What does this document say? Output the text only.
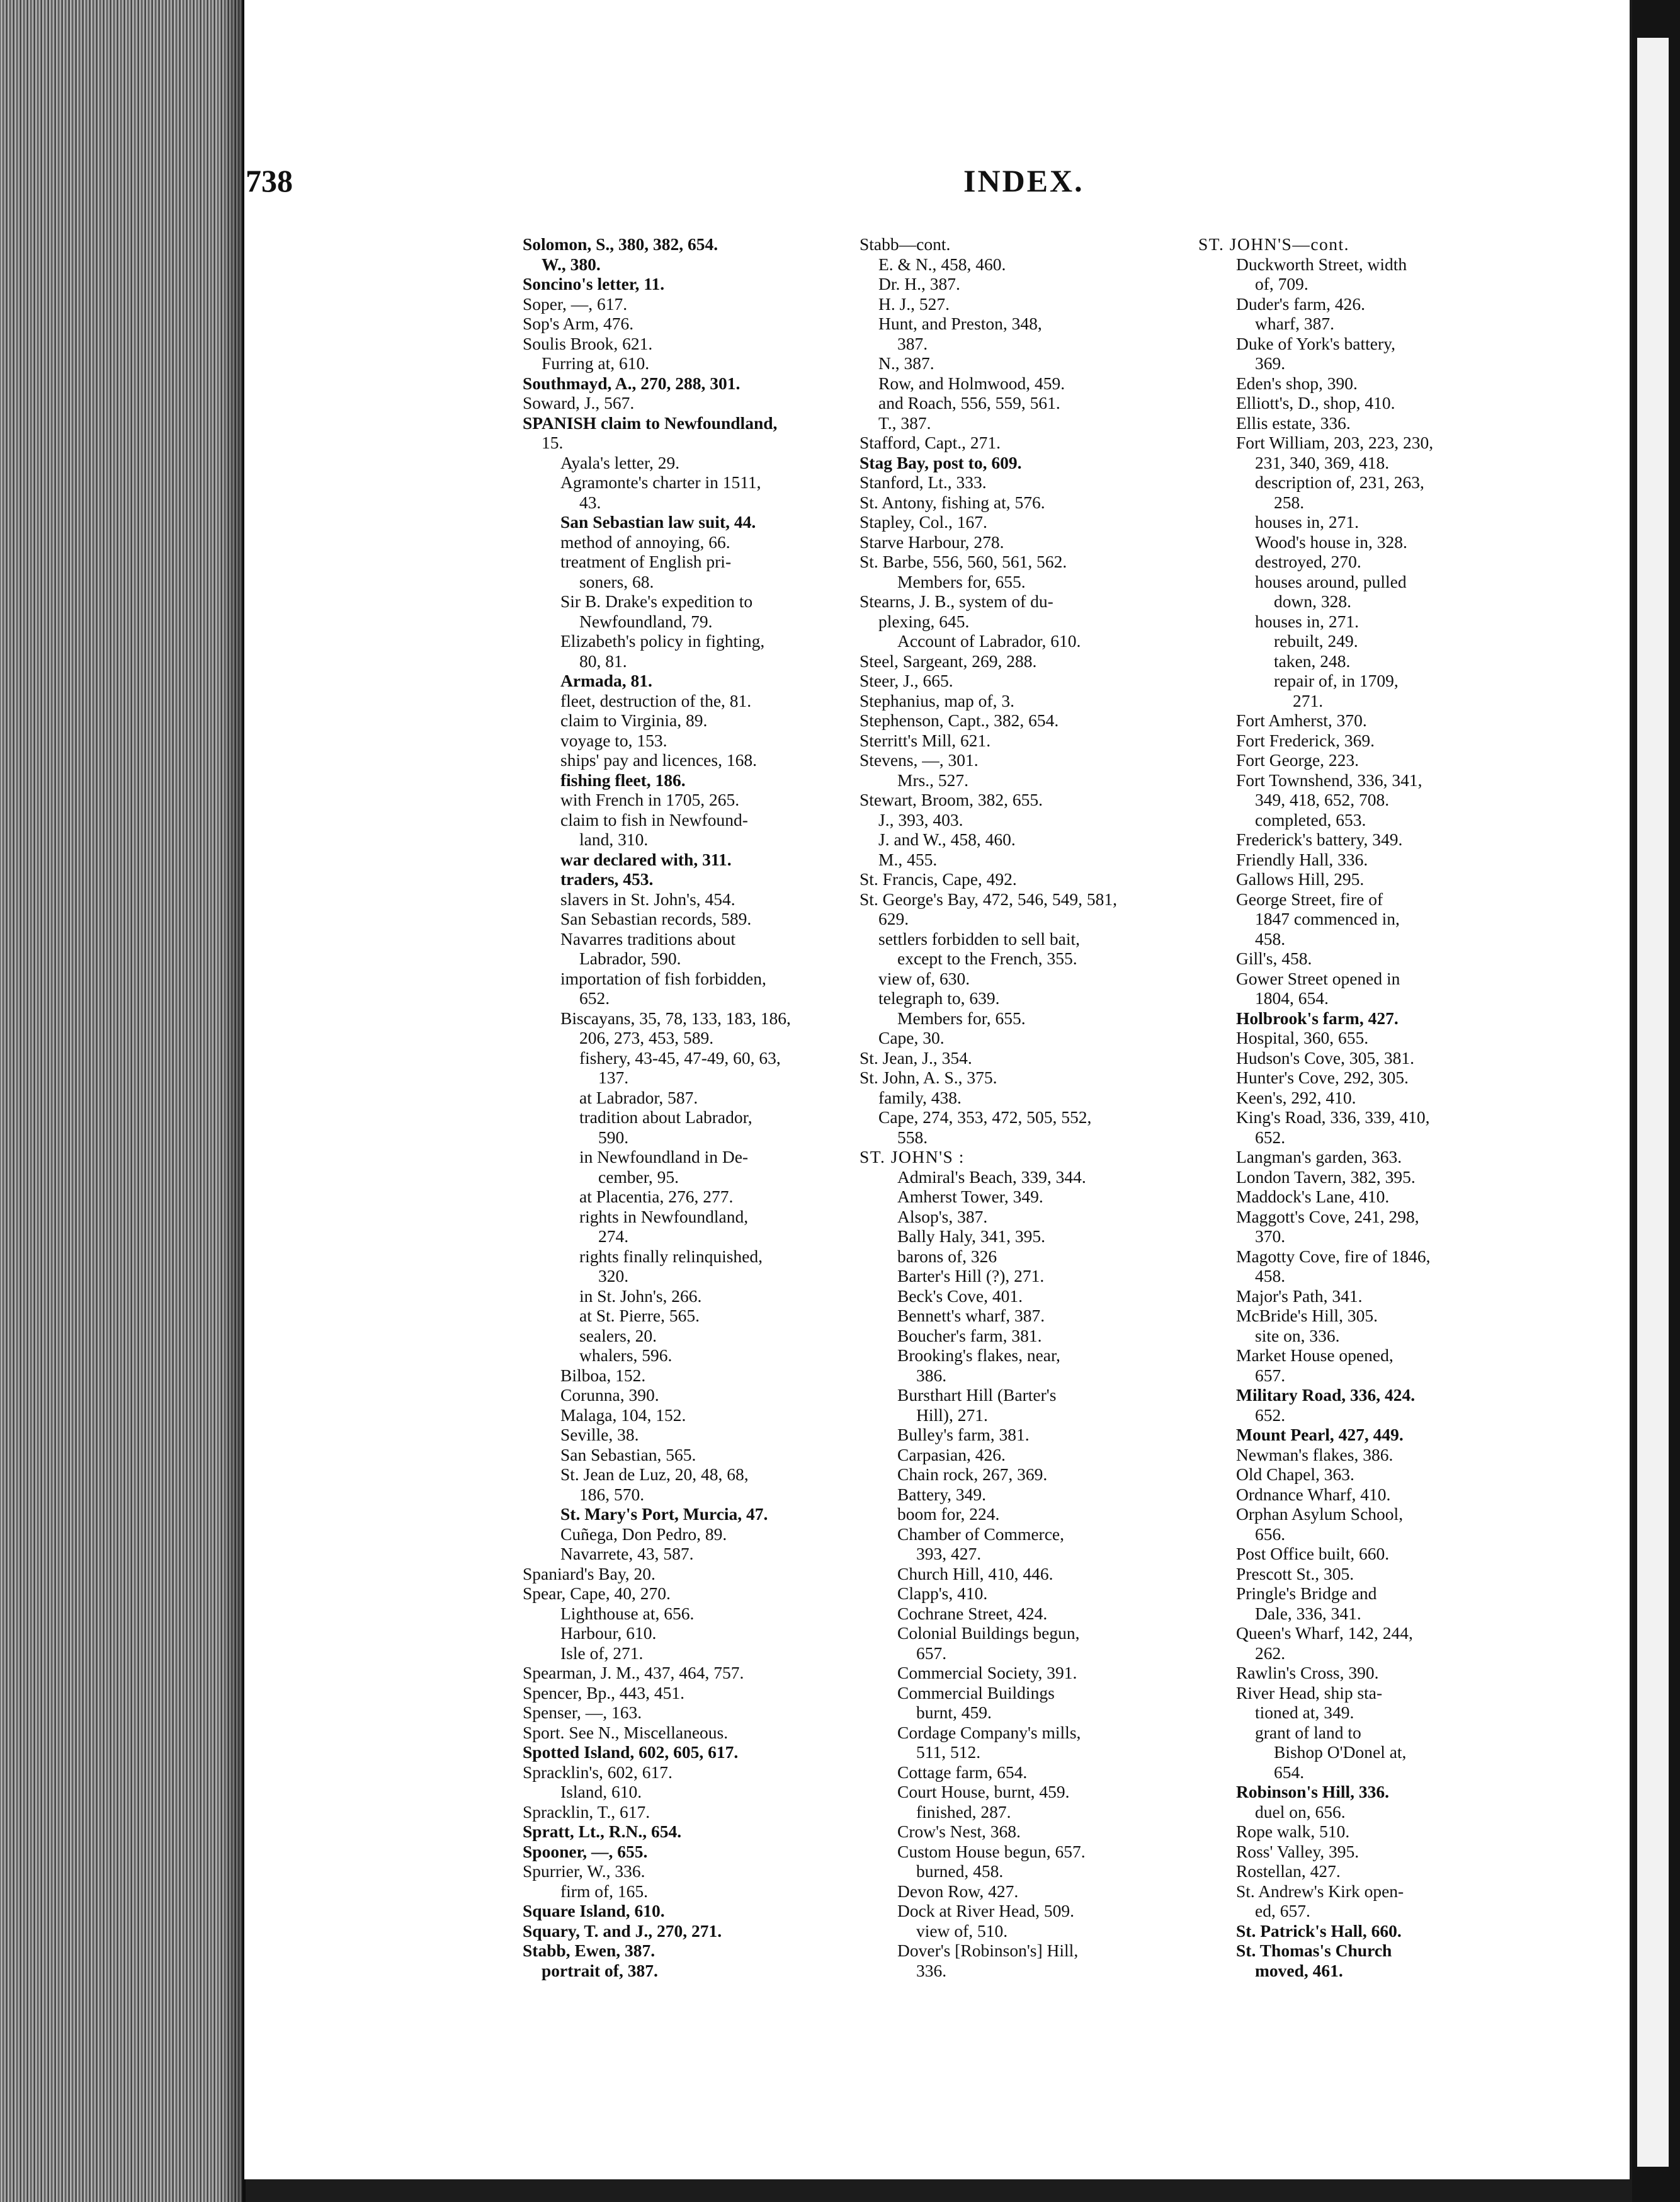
738	INDEX.
Solomon, S., 380, 382, 654.
W., 380.
Soncino's letter, 11.
Soper, —, 617.
Sop's Arm, 476.
Soulis Brook, 621.
Furring at, 610.
Southmayd, A., 270, 288, 301.
Soward, J., 567.
SPANISH claim to Newfoundland,
15.
Ayala's letter, 29.
Agramonte's charter in 1511,
43.
San Sebastian law suit, 44.
method of annoying, 66.
treatment of English pri-
soners, 68.
Sir B. Drake's expedition to
Newfoundland, 79.
Elizabeth's policy in fighting,
80, 81.
Armada, 81.
fleet, destruction of the, 81.
claim to Virginia, 89.
voyage to, 153.
ships' pay and licences, 168.
fishing fleet, 186.
with French in 1705, 265.
claim to fish in Newfound-
land, 310.
war declared with, 311.
traders, 453.
slavers in St. John's, 454.
San Sebastian records, 589.
Navarres traditions about
Labrador, 590.
importation of fish forbidden,
652.
Biscayans, 35, 78, 133, 183, 186,
206, 273, 453, 589.
fishery, 43-45, 47-49, 60, 63,
137.
at Labrador, 587.
tradition about Labrador,
590.
in Newfoundland in De-
cember, 95.
at Placentia, 276, 277.
rights in Newfoundland,
274.
rights finally relinquished,
320.
in St. John's, 266.
at St. Pierre, 565.
sealers, 20.
whalers, 596.
Bilboa, 152.
Corunna, 390.
Malaga, 104, 152.
Seville, 38.
San Sebastian, 565.
St. Jean de Luz, 20, 48, 68,
186, 570.
St. Mary's Port, Murcia, 47.
Cuñega, Don Pedro, 89.
Navarrete, 43, 587.
Spaniard's Bay, 20.
Spear, Cape, 40, 270.
Lighthouse at, 656.
Harbour, 610.
Isle of, 271.
Spearman, J. M., 437, 464, 757.
Spencer, Bp., 443, 451.
Spenser, —, 163.
Sport. See N., Miscellaneous.
Spotted Island, 602, 605, 617.
Spracklin's, 602, 617.
Island, 610.
Spracklin, T., 617.
Spratt, Lt., R.N., 654.
Spooner, —, 655.
Spurrier, W., 336.
firm of, 165.
Square Island, 610.
Squary, T. and J., 270, 271.
Stabb, Ewen, 387.
portrait of, 387.
Stabb—cont.
E. & N., 458, 460.
Dr. H., 387.
H. J., 527.
Hunt, and Preston, 348,
387.
N., 387.
Row, and Holmwood, 459.
and Roach, 556, 559, 561.
T., 387.
Stafford, Capt., 271.
Stag Bay, post to, 609.
Stanford, Lt., 333.
St. Antony, fishing at, 576.
Stapley, Col., 167.
Starve Harbour, 278.
St. Barbe, 556, 560, 561, 562.
Members for, 655.
Stearns, J. B., system of du-
plexing, 645.
Account of Labrador, 610.
Steel, Sargeant, 269, 288.
Steer, J., 665.
Stephanius, map of, 3.
Stephenson, Capt., 382, 654.
Sterritt's Mill, 621.
Stevens, —, 301.
Mrs., 527.
Stewart, Broom, 382, 655.
J., 393, 403.
J. and W., 458, 460.
M., 455.
St. Francis, Cape, 492.
St. George's Bay, 472, 546, 549, 581,
629.
settlers forbidden to sell bait,
except to the French, 355.
view of, 630.
telegraph to, 639.
Members for, 655.
Cape, 30.
St. Jean, J., 354.
St. John, A. S., 375.
family, 438.
Cape, 274, 353, 472, 505, 552,
558.
ST. JOHN'S :
Admiral's Beach, 339, 344.
Amherst Tower, 349.
Alsop's, 387.
Bally Haly, 341, 395.
barons of, 326
Barter's Hill (?), 271.
Beck's Cove, 401.
Bennett's wharf, 387.
Boucher's farm, 381.
Brooking's flakes, near,
386.
Bursthart Hill (Barter's
Hill), 271.
Bulley's farm, 381.
Carpasian, 426.
Chain rock, 267, 369.
Battery, 349.
boom for, 224.
Chamber of Commerce,
393, 427.
Church Hill, 410, 446.
Clapp's, 410.
Cochrane Street, 424.
Colonial Buildings begun,
657.
Commercial Society, 391.
Commercial Buildings
burnt, 459.
Cordage Company's mills,
511, 512.
Cottage farm, 654.
Court House, burnt, 459.
finished, 287.
Crow's Nest, 368.
Custom House begun, 657.
burned, 458.
Devon Row, 427.
Dock at River Head, 509.
view of, 510.
Dover's [Robinson's] Hill,
336.
ST. JOHN'S—cont.
Duckworth Street, width
of, 709.
Duder's farm, 426.
wharf, 387.
Duke of York's battery,
369.
Eden's shop, 390.
Elliott's, D., shop, 410.
Ellis estate, 336.
Fort William, 203, 223, 230,
231, 340, 369, 418.
description of, 231, 263,
258.
houses in, 271.
Wood's house in, 328.
destroyed, 270.
houses around, pulled
down, 328.
houses in, 271.
rebuilt, 249.
taken, 248.
repair of, in 1709,
271.
Fort Amherst, 370.
Fort Frederick, 369.
Fort George, 223.
Fort Townshend, 336, 341,
349, 418, 652, 708.
completed, 653.
Frederick's battery, 349.
Friendly Hall, 336.
Gallows Hill, 295.
George Street, fire of
1847 commenced in,
458.
Gill's, 458.
Gower Street opened in
1804, 654.
Holbrook's farm, 427.
Hospital, 360, 655.
Hudson's Cove, 305, 381.
Hunter's Cove, 292, 305.
Keen's, 292, 410.
King's Road, 336, 339, 410,
652.
Langman's garden, 363.
London Tavern, 382, 395.
Maddock's Lane, 410.
Maggott's Cove, 241, 298,
370.
Magotty Cove, fire of 1846,
458.
Major's Path, 341.
McBride's Hill, 305.
site on, 336.
Market House opened,
657.
Military Road, 336, 424.
652.
Mount Pearl, 427, 449.
Newman's flakes, 386.
Old Chapel, 363.
Ordnance Wharf, 410.
Orphan Asylum School,
656.
Post Office built, 660.
Prescott St., 305.
Pringle's Bridge and
Dale, 336, 341.
Queen's Wharf, 142, 244,
262.
Rawlin's Cross, 390.
River Head, ship sta-
tioned at, 349.
grant of land to
Bishop O'Donel at,
654.
Robinson's Hill, 336.
duel on, 656.
Rope walk, 510.
Ross' Valley, 395.
Rostellan, 427.
St. Andrew's Kirk open-
ed, 657.
St. Patrick's Hall, 660.
St. Thomas's Church
moved, 461.
